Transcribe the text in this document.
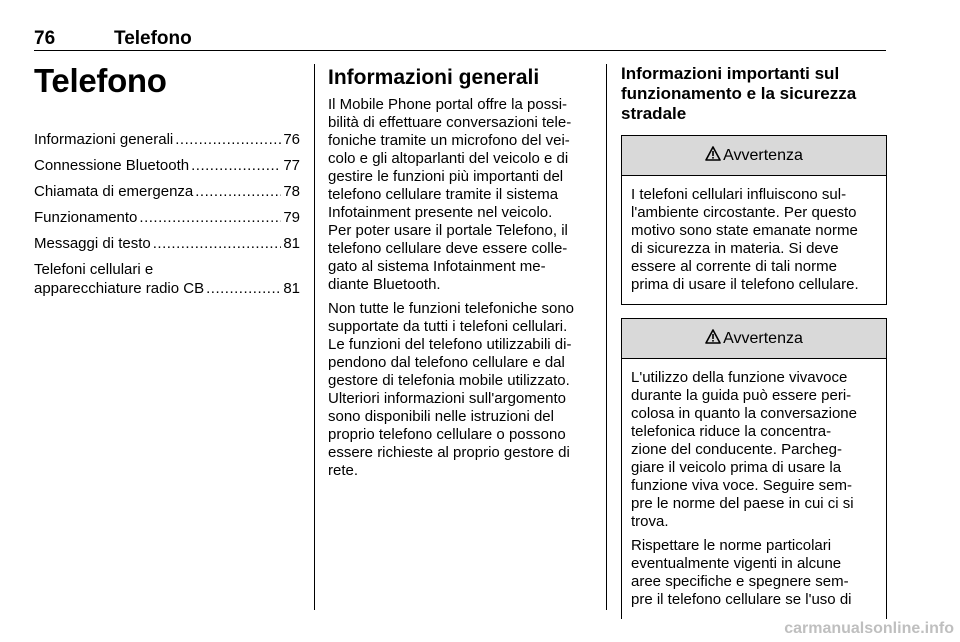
76	Telefono
Telefono
Informazioni generali .....	76
Connessione Bluetooth .....	77
Chiamata di emergenza .....	78
Funzionamento .....	79
Messaggi di testo .....	81
Telefoni cellulari e
apparecchiature radio CB .....	81
Informazioni generali

Il Mobile Phone portal offre la possi-
bilità di effettuare conversazioni tele-
foniche tramite un microfono del vei-
colo e gli altoparlanti del veicolo e di
gestire le funzioni più importanti del
telefono cellulare tramite il sistema
Infotainment presente nel veicolo.
Per poter usare il portale Telefono, il
telefono cellulare deve essere colle-
gato al sistema Infotainment me-
diante Bluetooth.

Non tutte le funzioni telefoniche sono
supportate da tutti i telefoni cellulari.
Le funzioni del telefono utilizzabili di-
pendono dal telefono cellulare e dal
gestore di telefonia mobile utilizzato.
Ulteriori informazioni sull'argomento
sono disponibili nelle istruzioni del
proprio telefono cellulare o possono
essere richieste al proprio gestore di
rete.

Informazioni importanti sul
funzionamento e la sicurezza
stradale
Avvertenza

I telefoni cellulari influiscono sul-
l'ambiente circostante. Per questo
motivo sono state emanate norme
di sicurezza in materia. Si deve
essere al corrente di tali norme
prima di usare il telefono cellulare.

Avvertenza

L'utilizzo della funzione vivavoce
durante la guida può essere peri-
colosa in quanto la conversazione
telefonica riduce la concentra-
zione del conducente. Parcheg-
giare il veicolo prima di usare la
funzione viva voce. Seguire sem-
pre le norme del paese in cui ci si
trova.

Rispettare le norme particolari
eventualmente vigenti in alcune
aree specifiche e spegnere sem-
pre il telefono cellulare se l'uso di

carmanualsonline.info
